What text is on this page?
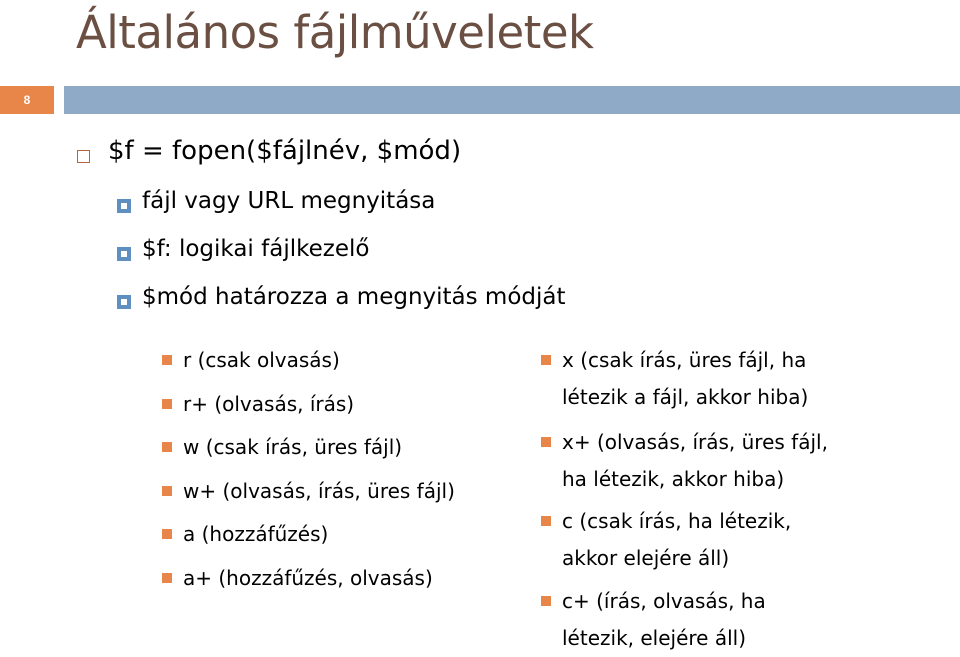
Általános fájlműveletek
8
$f = fopen($fájlnév, $mód)
fájl vagy URL megnyitása
$f: logikai fájlkezelő
$mód határozza a megnyitás módját
r (csak olvasás)
r+ (olvasás, írás)
w (csak írás, üres fájl)
w+ (olvasás, írás, üres fájl)
a (hozzáfűzés)
a+ (hozzáfűzés, olvasás)
x (csak írás, üres fájl, ha
létezik a fájl, akkor hiba)
x+ (olvasás, írás, üres fájl,
ha létezik, akkor hiba)
c (csak írás, ha létezik,
akkor elejére áll)
c+ (írás, olvasás, ha
létezik, elejére áll)
